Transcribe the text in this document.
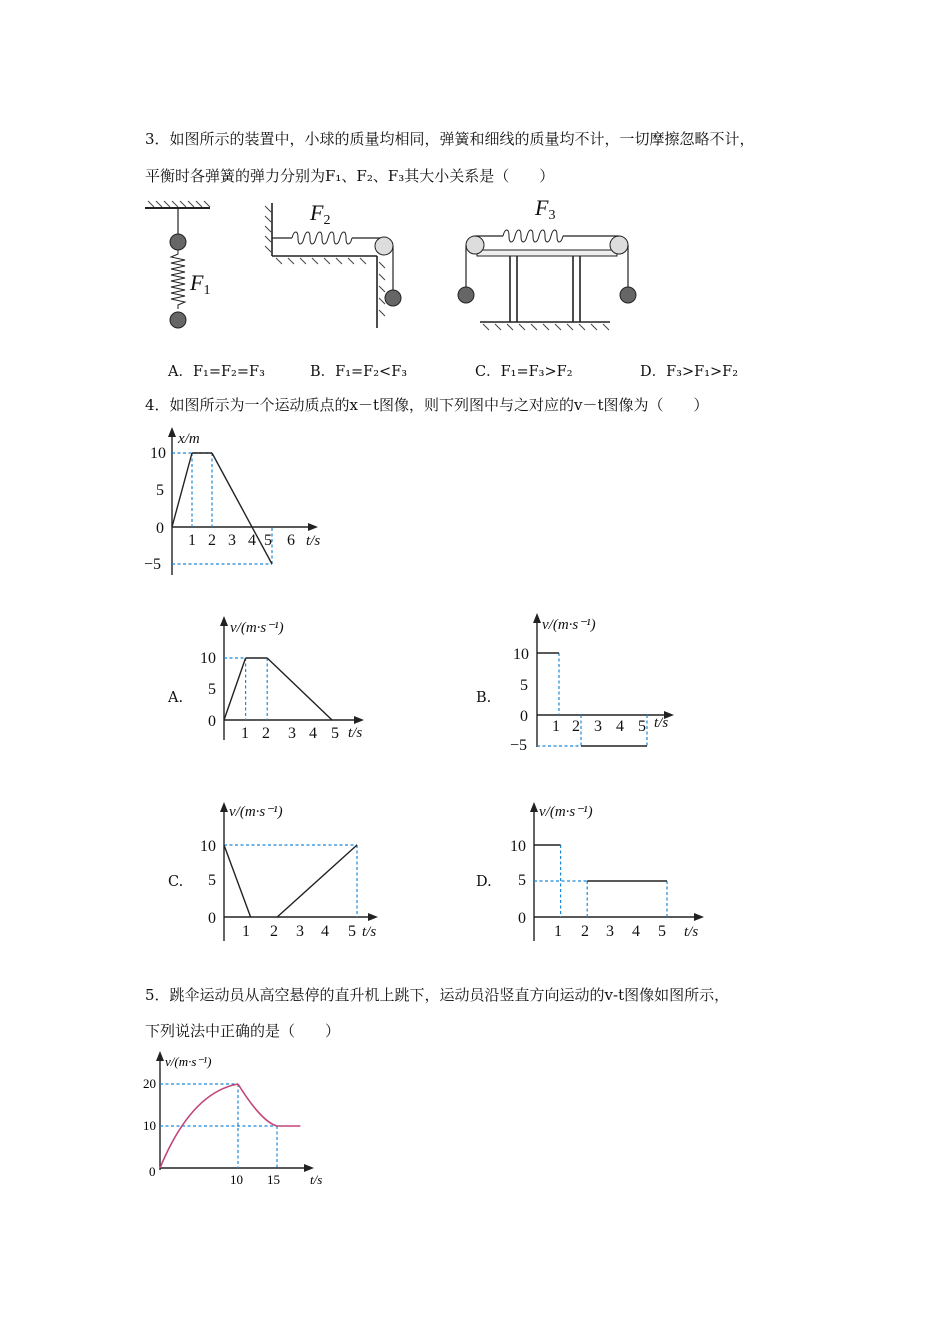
3．如图所示的装置中，小球的质量均相同，弹簧和细线的质量均不计，一切摩擦忽略不计，
平衡时各弹簧的弹力分别为F₁、F₂、F₃其大小关系是（　　）
F1
F2
F3
A．F₁=F₂=F₃	B．F₁=F₂<F₃	C．F₁=F₃>F₂	D．F₃>F₁>F₂
4．如图所示为一个运动质点的x－t图像，则下列图中与之对应的v－t图像为（　　）
x/m
t/s
10
5
0
−5
1 2 3 4 5 6
A.
v/(m·s⁻¹)
t/s
10
5
0
1 2 3 4 5
B.
v/(m·s⁻¹)
t/s
10
5
0
−5
1 2 3 4 5
C.
v/(m·s⁻¹)
t/s
10
5
0
1 2 3 4 5
D.
v/(m·s⁻¹)
t/s
10
5
0
1 2 3 4 5
5．跳伞运动员从高空悬停的直升机上跳下，运动员沿竖直方向运动的v-t图像如图所示，
下列说法中正确的是（　　）
v/(m·s⁻¹)
t/s
20
10
0
10 15
